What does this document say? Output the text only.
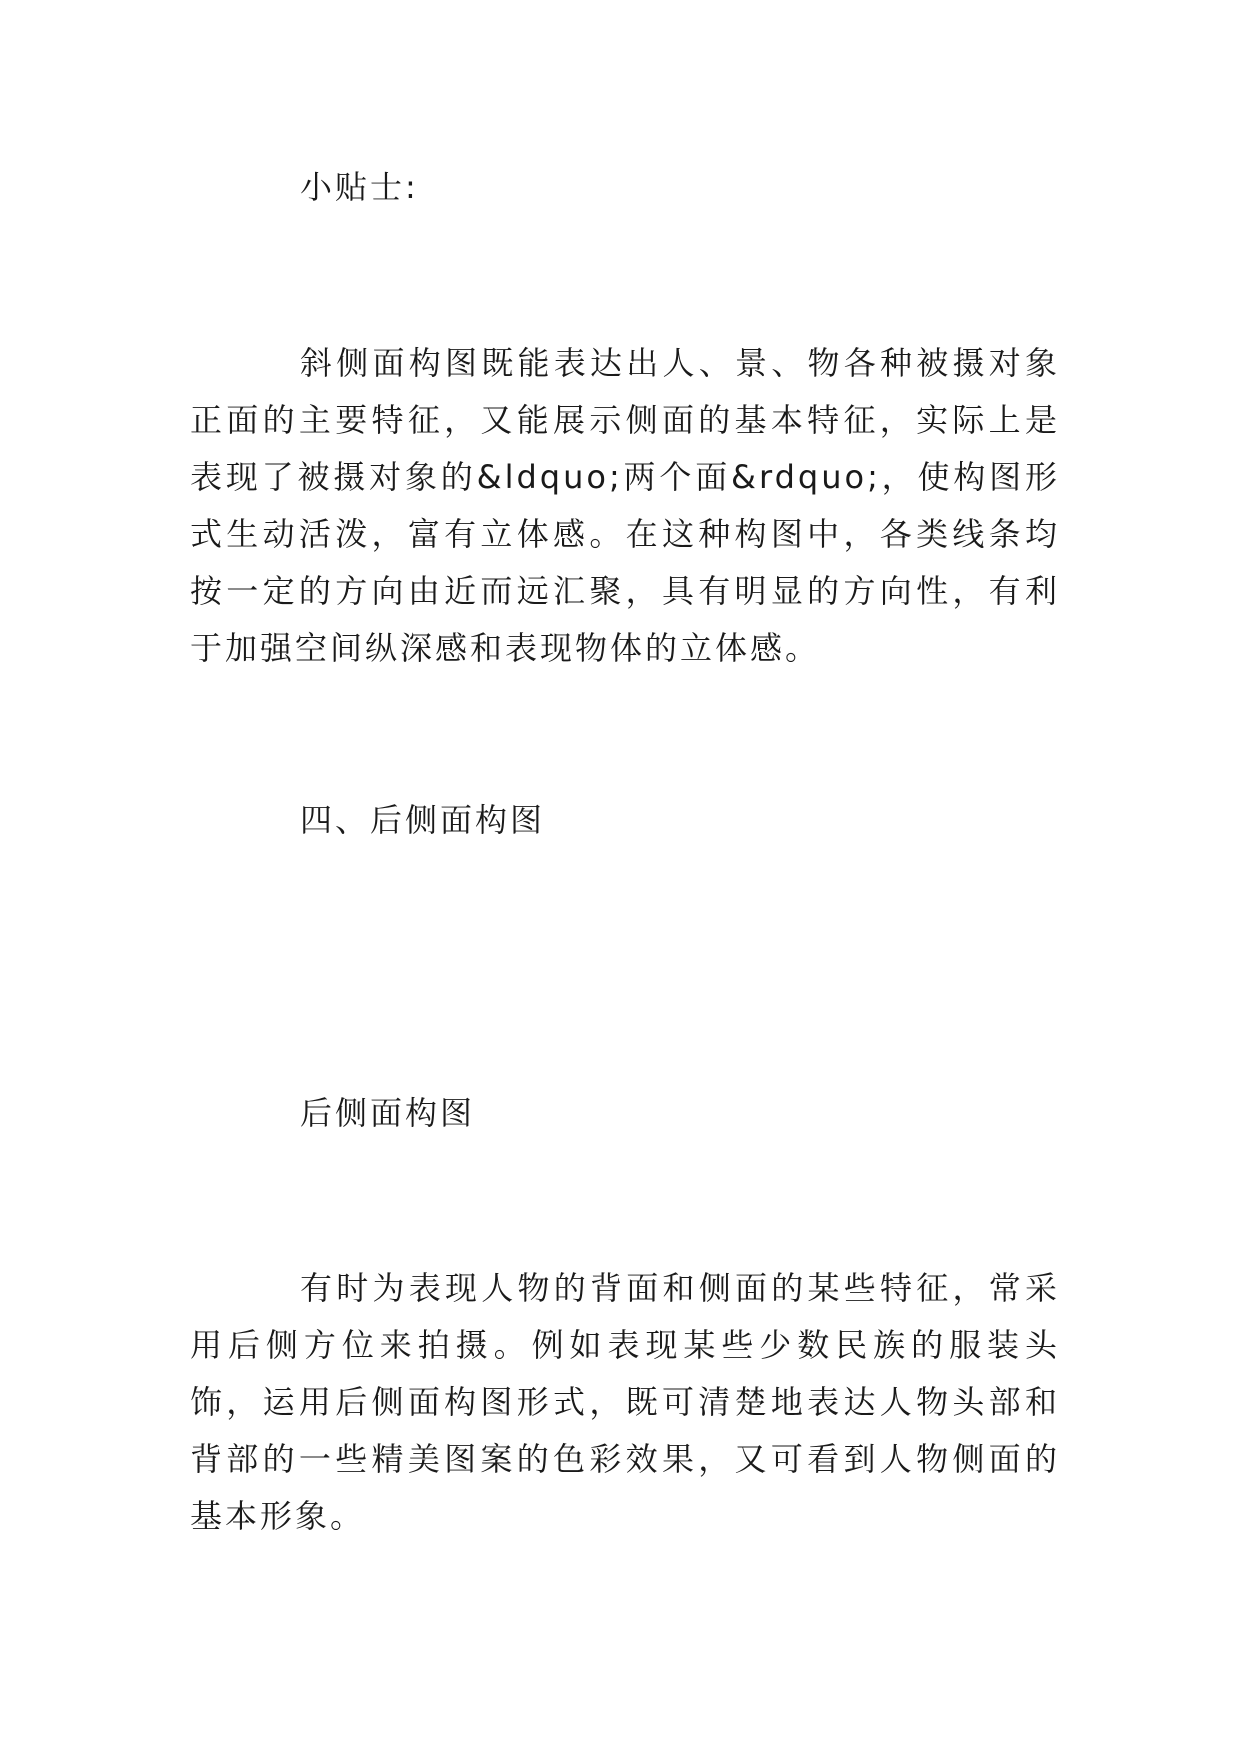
小贴士:

斜侧面构图既能表达出人、景、物各种被摄对象正面的主要特征，又能展示侧面的基本特征，实际上是表现了被摄对象的&ldquo;两个面&rdquo;，使构图形式生动活泼，富有立体感。在这种构图中，各类线条均按一定的方向由近而远汇聚，具有明显的方向性，有利于加强空间纵深感和表现物体的立体感。

四、后侧面构图

后侧面构图

有时为表现人物的背面和侧面的某些特征，常采用后侧方位来拍摄。例如表现某些少数民族的服装头饰，运用后侧面构图形式，既可清楚地表达人物头部和背部的一些精美图案的色彩效果，又可看到人物侧面的基本形象。
